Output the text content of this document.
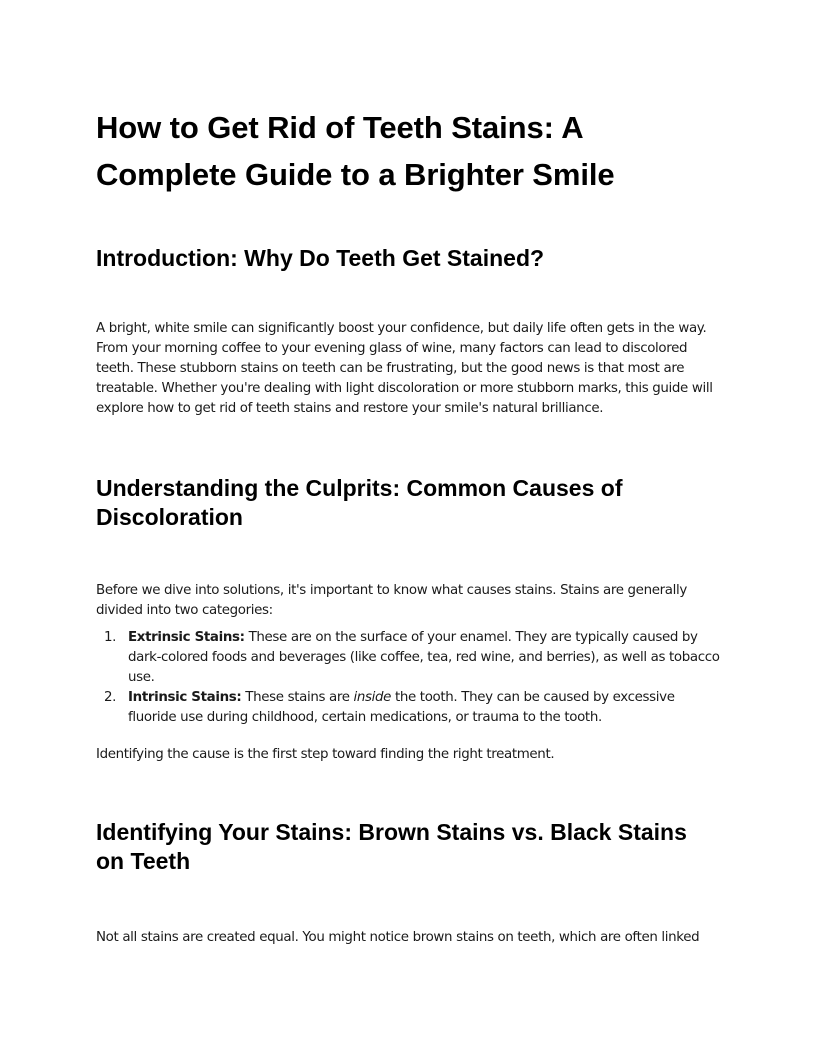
How to Get Rid of Teeth Stains: A Complete Guide to a Brighter Smile
Introduction: Why Do Teeth Get Stained?

A bright, white smile can significantly boost your confidence, but daily life often gets in the way. From your morning coffee to your evening glass of wine, many factors can lead to discolored teeth. These stubborn stains on teeth can be frustrating, but the good news is that most are treatable. Whether you're dealing with light discoloration or more stubborn marks, this guide will explore how to get rid of teeth stains and restore your smile's natural brilliance.

Understanding the Culprits: Common Causes of Discoloration

Before we dive into solutions, it's important to know what causes stains. Stains are generally divided into two categories:

1. Extrinsic Stains: These are on the surface of your enamel. They are typically caused by dark-colored foods and beverages (like coffee, tea, red wine, and berries), as well as tobacco use.
2. Intrinsic Stains: These stains are inside the tooth. They can be caused by excessive fluoride use during childhood, certain medications, or trauma to the tooth.

Identifying the cause is the first step toward finding the right treatment.

Identifying Your Stains: Brown Stains vs. Black Stains on Teeth

Not all stains are created equal. You might notice brown stains on teeth, which are often linked
